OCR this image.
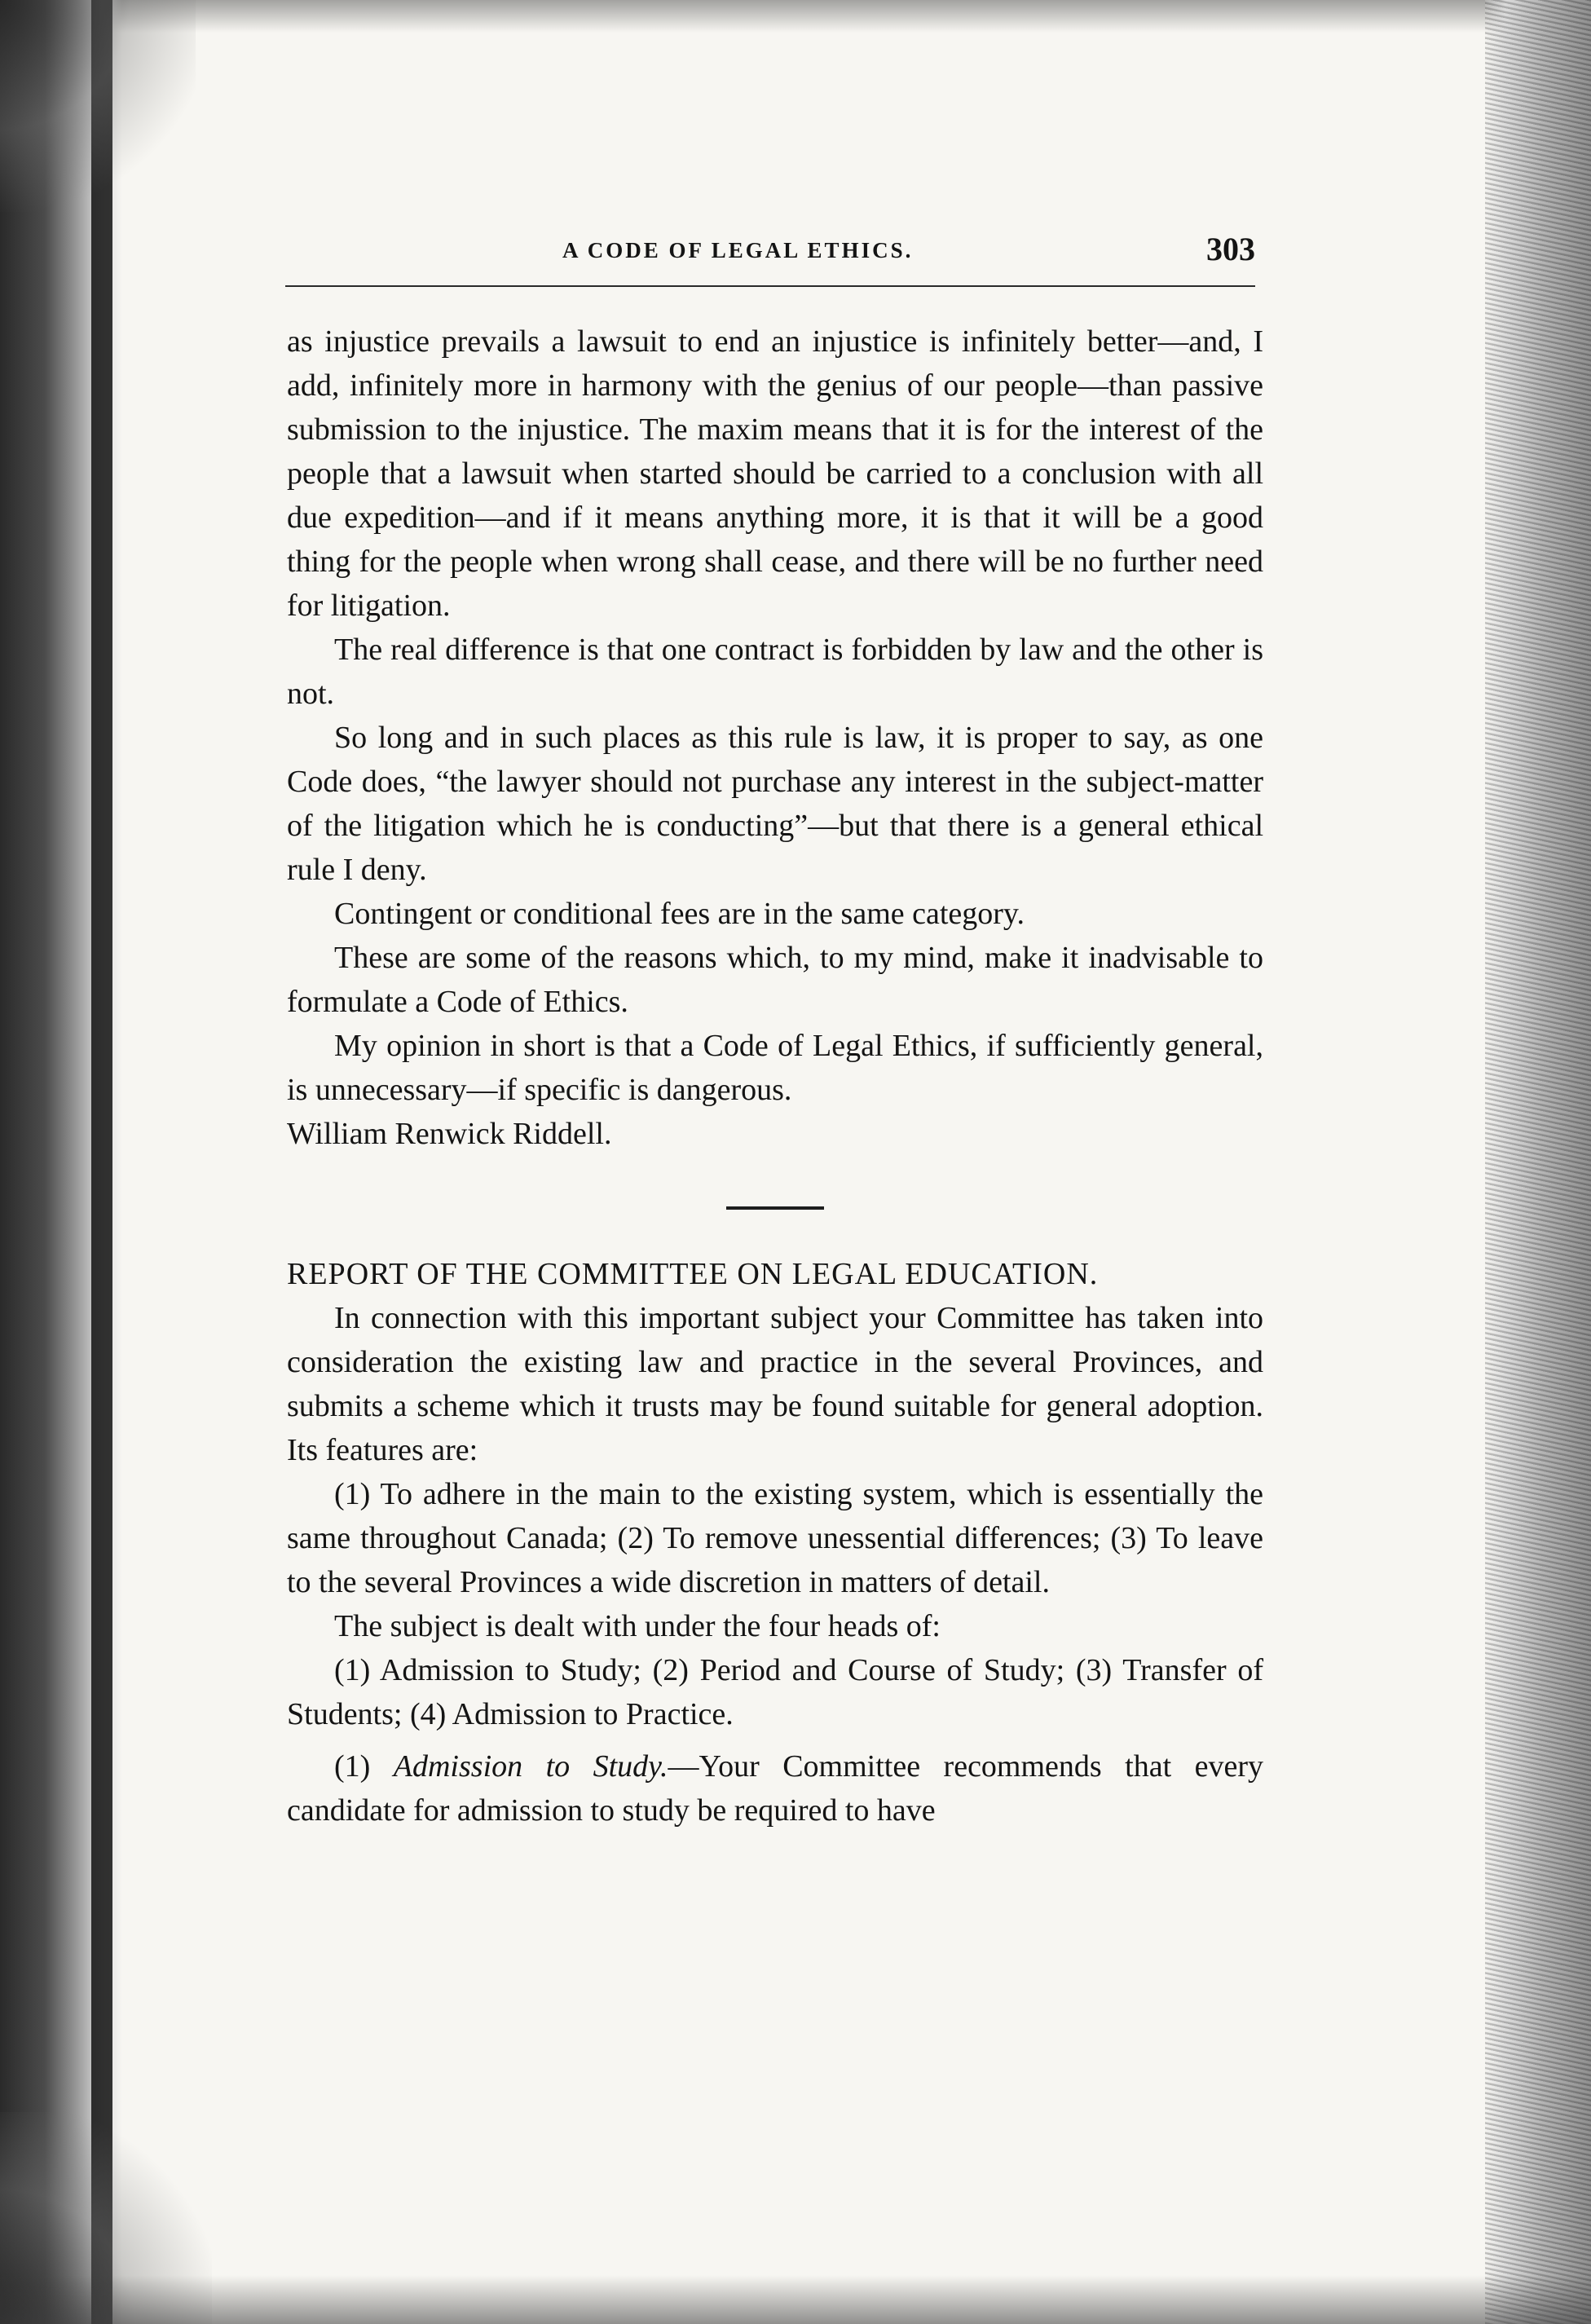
A CODE OF LEGAL ETHICS.	303

as injustice prevails a lawsuit to end an injustice is infinitely better—and, I add, infinitely more in harmony with the genius of our people—than passive submission to the injustice. The maxim means that it is for the interest of the people that a lawsuit when started should be carried to a conclusion with all due expedition—and if it means anything more, it is that it will be a good thing for the people when wrong shall cease, and there will be no further need for litigation.

The real difference is that one contract is forbidden by law and the other is not.

So long and in such places as this rule is law, it is proper to say, as one Code does, “the lawyer should not purchase any interest in the subject-matter of the litigation which he is conducting”—but that there is a general ethical rule I deny.

Contingent or conditional fees are in the same category.

These are some of the reasons which, to my mind, make it inadvisable to formulate a Code of Ethics.

My opinion in short is that a Code of Legal Ethics, if sufficiently general, is unnecessary—if specific is dangerous.

William Renwick Riddell.

REPORT OF THE COMMITTEE ON LEGAL EDUCATION.

In connection with this important subject your Committee has taken into consideration the existing law and practice in the several Provinces, and submits a scheme which it trusts may be found suitable for general adoption. Its features are:

(1) To adhere in the main to the existing system, which is essentially the same throughout Canada; (2) To remove unessential differences; (3) To leave to the several Provinces a wide discretion in matters of detail.

The subject is dealt with under the four heads of:

(1) Admission to Study; (2) Period and Course of Study; (3) Transfer of Students; (4) Admission to Practice.

(1) Admission to Study.—Your Committee recommends that every candidate for admission to study be required to have
